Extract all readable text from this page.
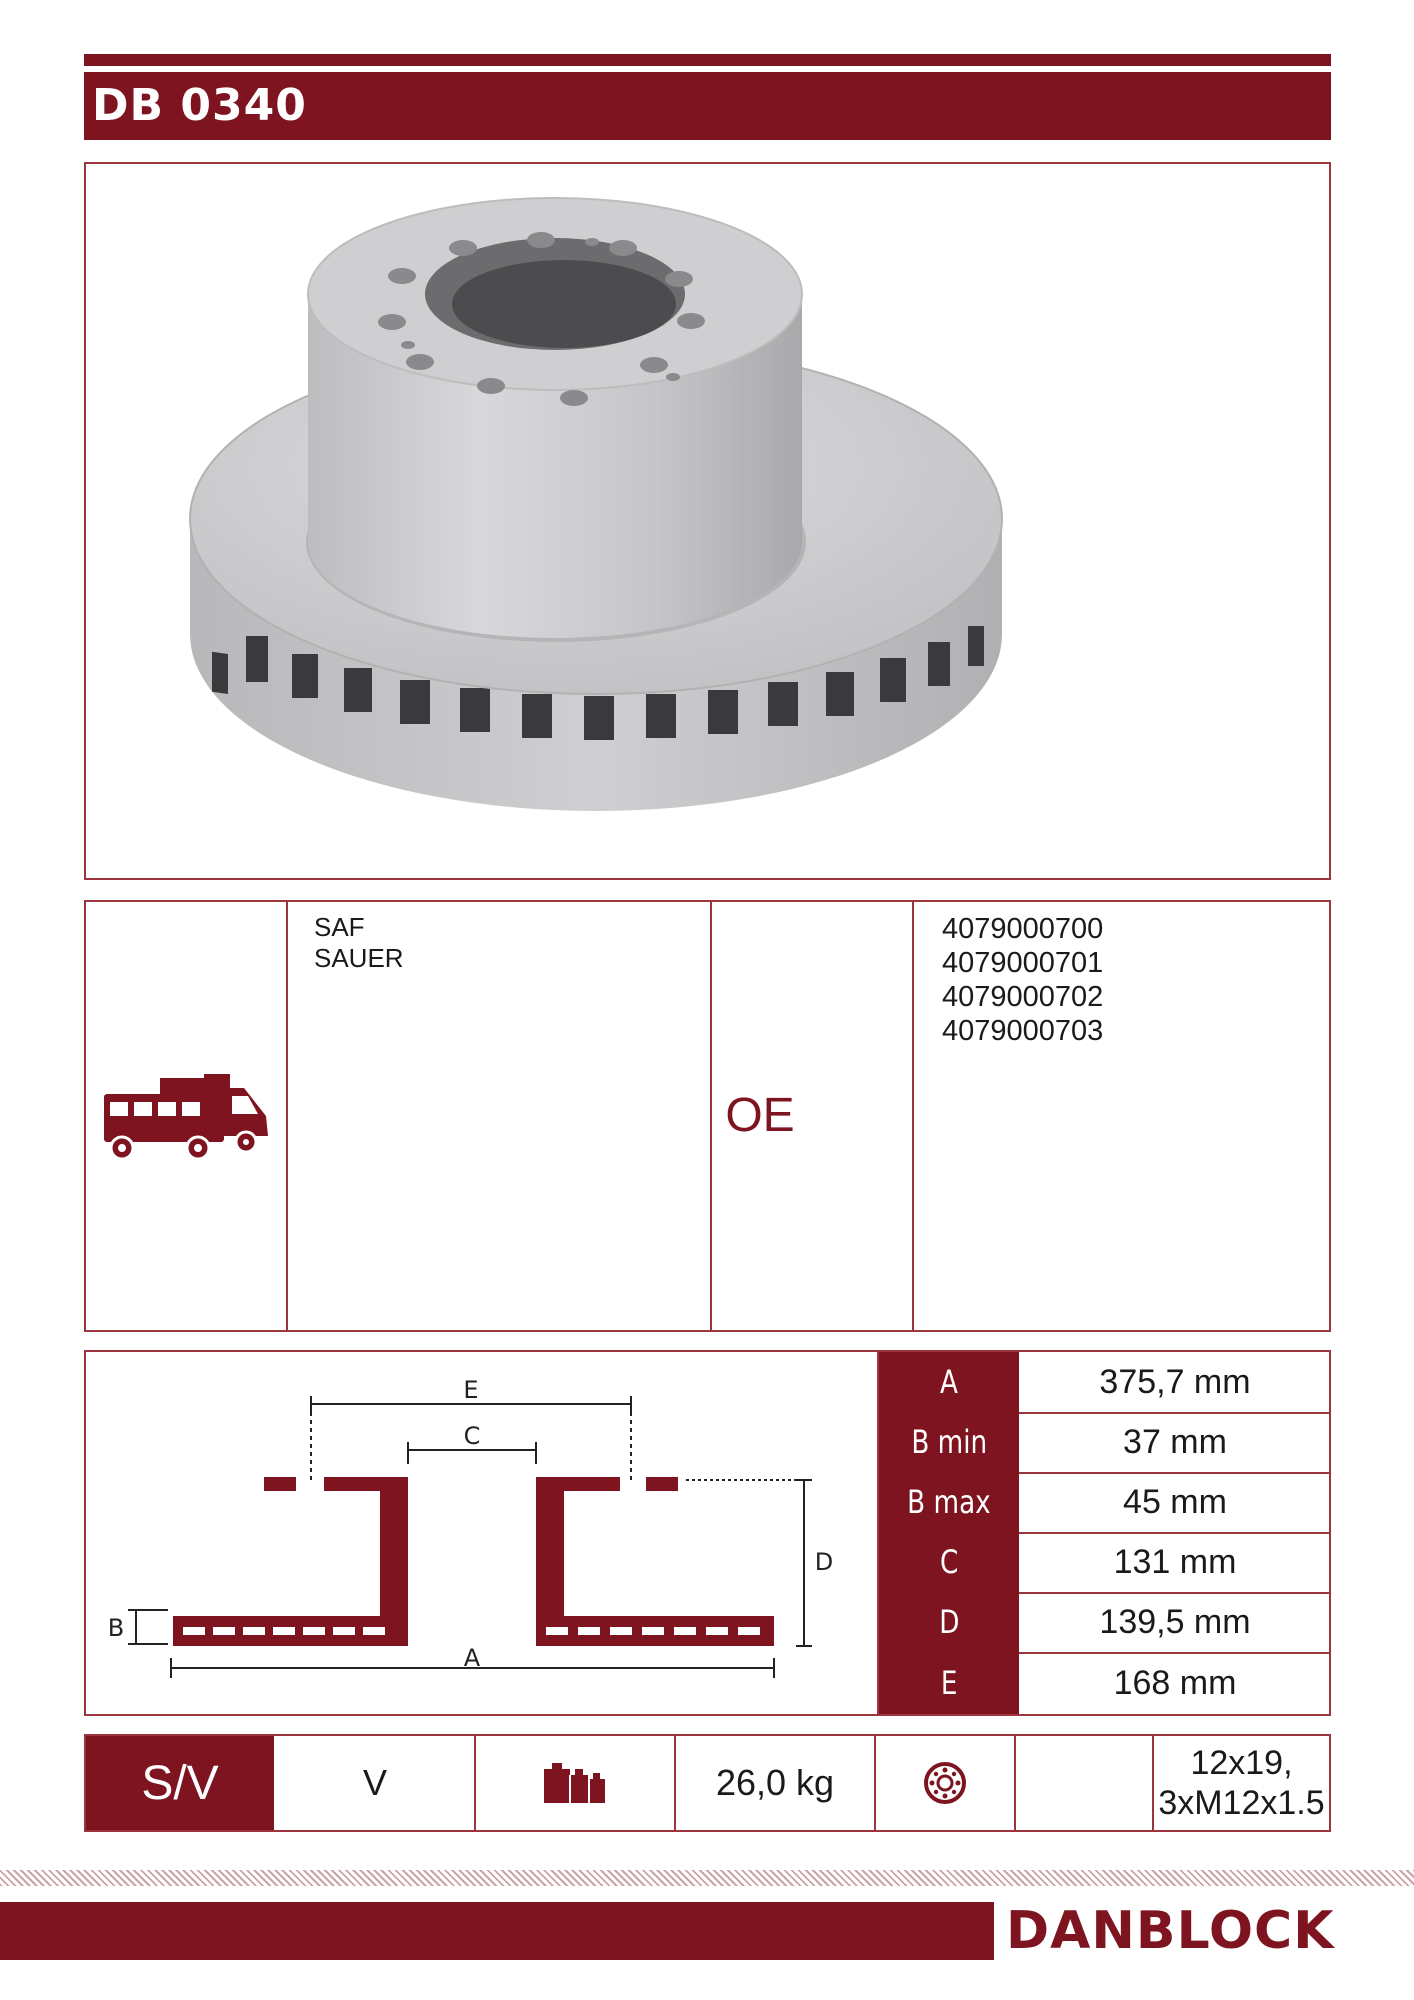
DB 0340
SAF
SAUER
OE
4079000700
4079000701
4079000702
4079000703
E
C
D
B
A
A	375,7 mm
B min	37 mm
B max	45 mm
C	131 mm
D	139,5 mm
E	168 mm
S/V	V	26,0 kg	12x19,
3xM12x1.5
DANBLOCK
